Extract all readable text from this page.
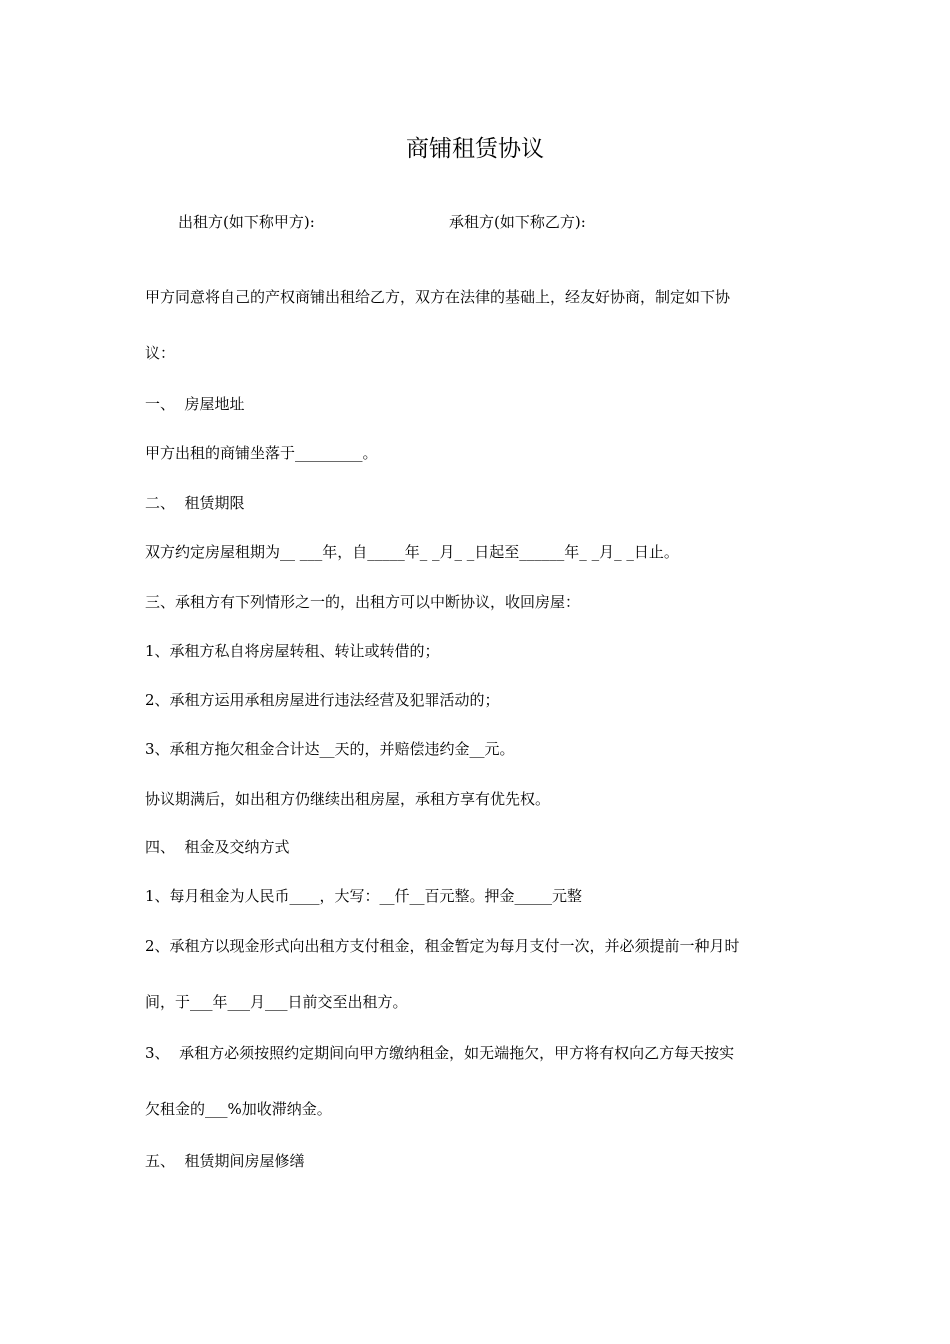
商铺租赁协议
出租方(如下称甲方):	承租方(如下称乙方):
甲方同意将自己的产权商铺出租给乙方，双方在法律的基础上，经友好协商，制定如下协
议：
一、  房屋地址
甲方出租的商铺坐落于_________。
二、  租赁期限
双方约定房屋租期为__ ___年，自_____年_ _月_ _日起至______年_ _月_ _日止。
三、承租方有下列情形之一的，出租方可以中断协议，收回房屋：
1、承租方私自将房屋转租、转让或转借的；
2、承租方运用承租房屋进行违法经营及犯罪活动的；
3、承租方拖欠租金合计达__天的，并赔偿违约金__元。
协议期满后，如出租方仍继续出租房屋，承租方享有优先权。
四、  租金及交纳方式
1、每月租金为人民币____，大写：__仟__百元整。押金_____元整
2、承租方以现金形式向出租方支付租金，租金暂定为每月支付一次，并必须提前一种月时
间，于___年___月___日前交至出租方。
3、  承租方必须按照约定期间向甲方缴纳租金，如无端拖欠，甲方将有权向乙方每天按实
欠租金的___%加收滞纳金。
五、  租赁期间房屋修缮
